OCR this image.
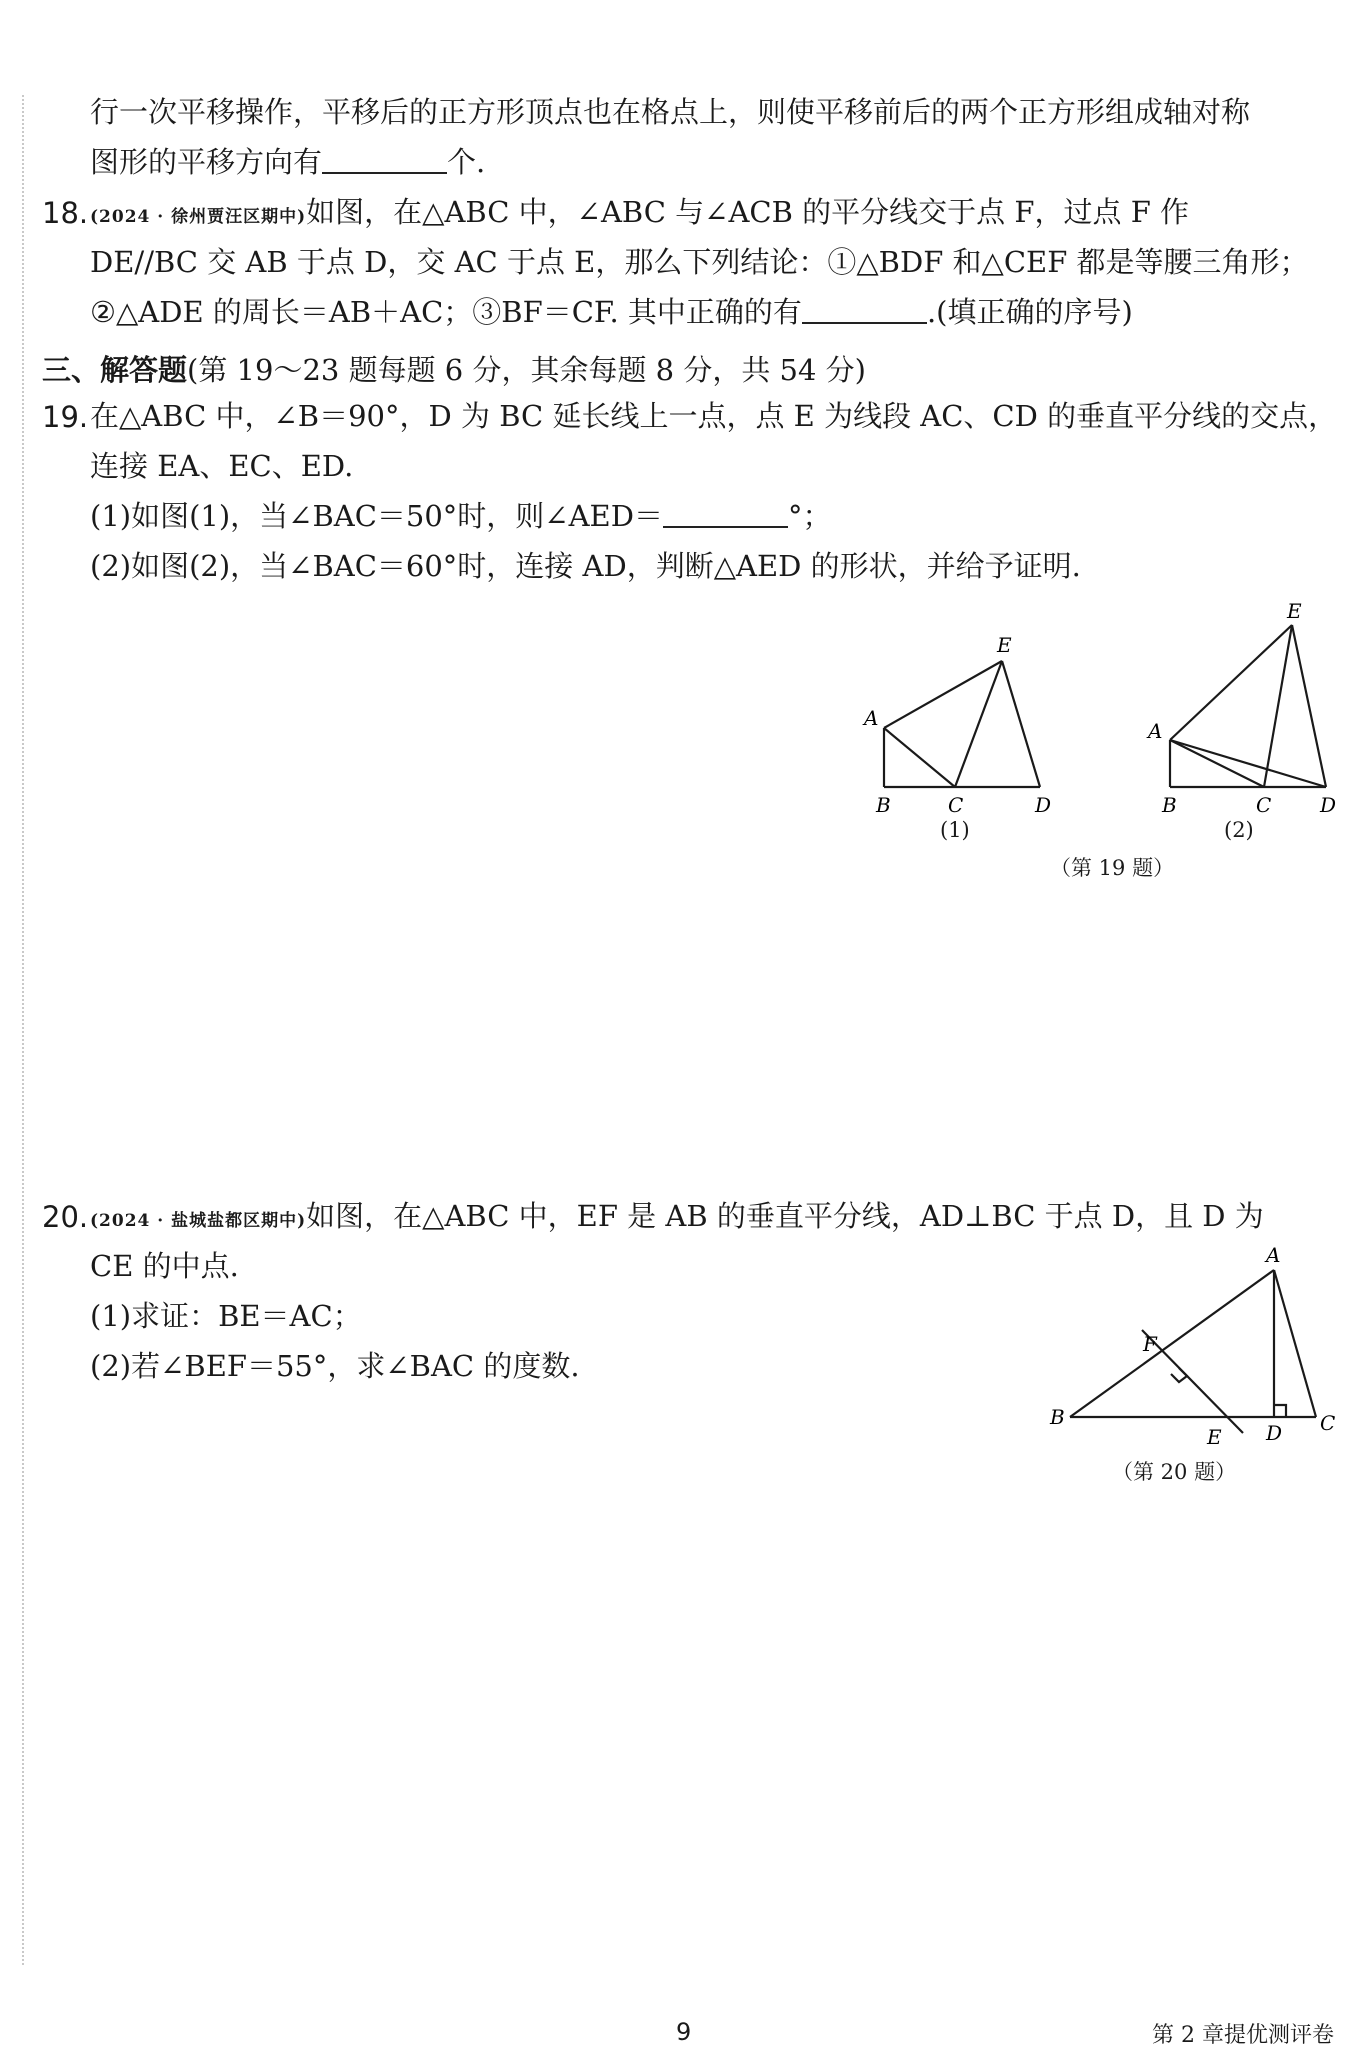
行一次平移操作，平移后的正方形顶点也在格点上，则使平移前后的两个正方形组成轴对称
图形的平移方向有	个.
18. (2024 · 徐州贾汪区期中)如图，在△ABC 中，∠ABC 与∠ACB 的平分线交于点 F，过点 F 作
DE//BC 交 AB 于点 D，交 AC 于点 E，那么下列结论：①△BDF 和△CEF 都是等腰三角形；
②△ADE 的周长＝AB＋AC；③BF＝CF. 其中正确的有	.(填正确的序号)
三、解答题(第 19～23 题每题 6 分，其余每题 8 分，共 54 分)
19. 在△ABC 中，∠B＝90°，D 为 BC 延长线上一点，点 E 为线段 AC、CD 的垂直平分线的交点，
连接 EA、EC、ED.
(1)如图(1)，当∠BAC＝50°时，则∠AED＝	°；
(2)如图(2)，当∠BAC＝60°时，连接 AD，判断△AED 的形状，并给予证明.
A
B	C	D
E
(1)
A
B	C D
E
(2)
（第 19 题）
20. (2024 · 盐城盐都区期中)如图，在△ABC 中，EF 是 AB 的垂直平分线，AD⊥BC 于点 D，且 D 为
CE 的中点.
(1)求证：BE＝AC；
(2)若∠BEF＝55°，求∠BAC 的度数.
A
B	C
D
E
F
（第 20 题）
9	第 2 章提优测评卷
